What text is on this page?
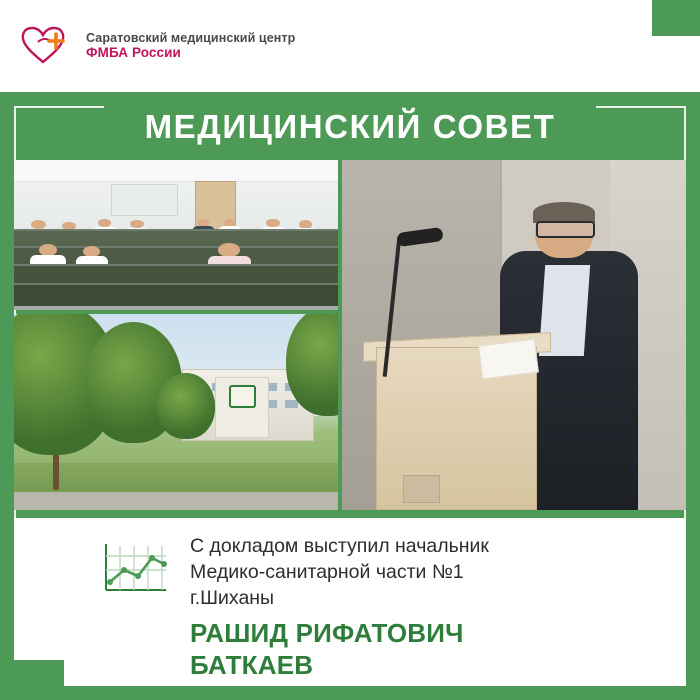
Саратовский медицинский центр
ФМБА России
МЕДИЦИНСКИЙ СОВЕТ
С докладом выступил начальник
Медико-санитарной части №1
г.Шиханы
РАШИД РИФАТОВИЧ
БАТКАЕВ
